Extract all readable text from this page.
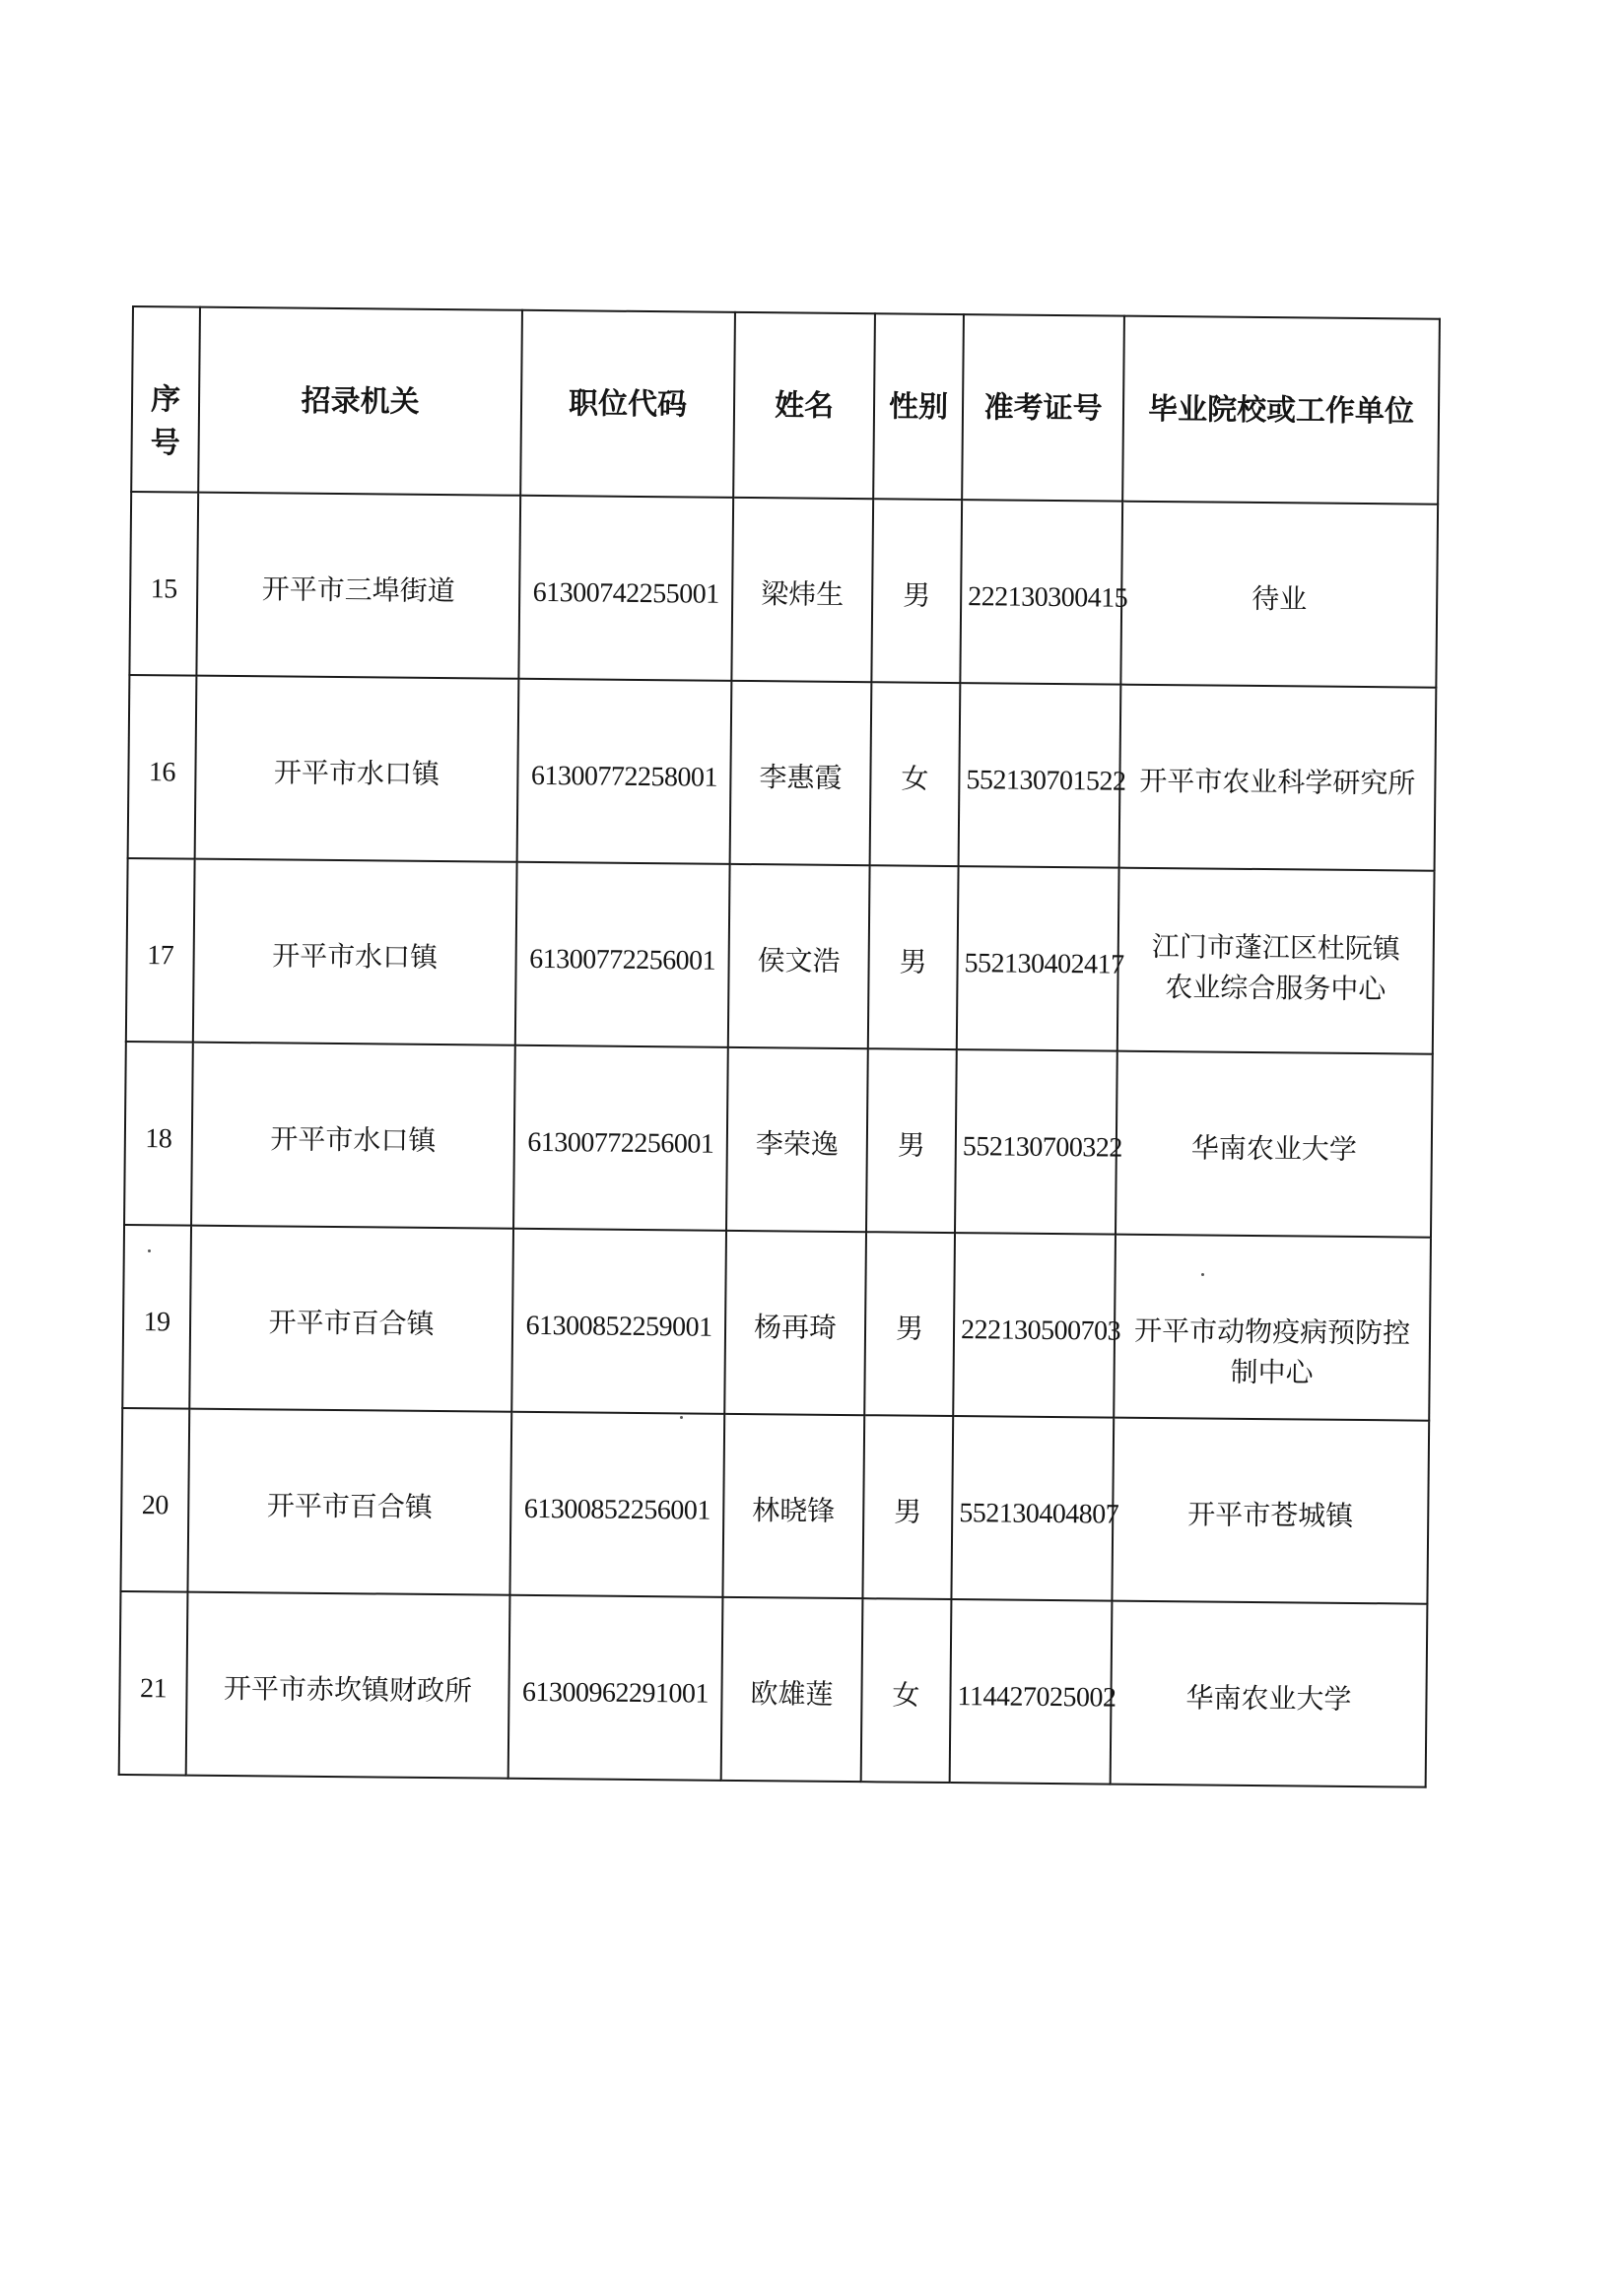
序号	招录机关	职位代码	姓名	性别	准考证号	毕业院校或工作单位
15	开平市三埠街道	61300742255001	梁炜生	男	222130300415	待业

16	开平市水口镇	61300772258001	李惠霞	女	552130701522	开平市农业科学研究所

17	开平市水口镇	61300772256001	侯文浩	男	552130402417	江门市蓬江区杜阮镇
农业综合服务中心

18	开平市水口镇	61300772256001	李荣逸	男	552130700322	华南农业大学

19	开平市百合镇	61300852259001	杨再琦	男	222130500703	开平市动物疫病预防控制中心

20	开平市百合镇	61300852256001	林晓锋	男	552130404807	开平市苍城镇

21	开平市赤坎镇财政所	61300962291001	欧雄莲	女	114427025002	华南农业大学
